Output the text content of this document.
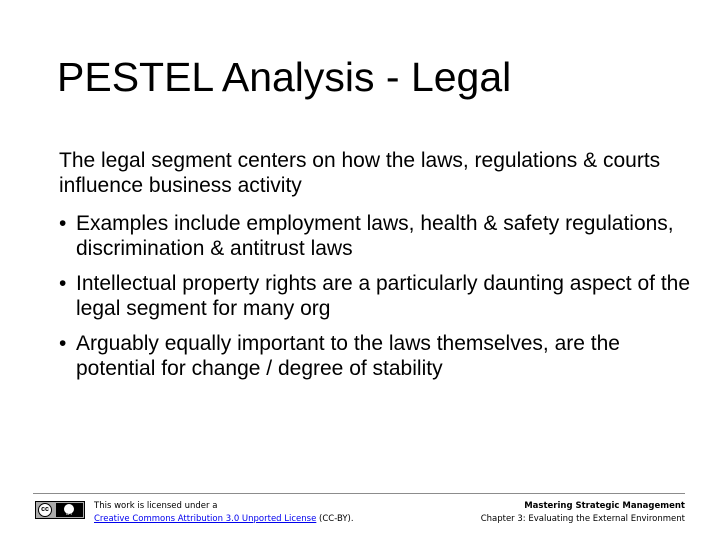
PESTEL Analysis - Legal
The legal segment centers on how the laws, regulations & courts influence business activity
• Examples include employment laws, health & safety regulations, discrimination & antitrust laws
• Intellectual property rights are a particularly daunting aspect of the legal segment for many org
• Arguably equally important to the laws themselves, are the potential for change / degree of stability
cc
BY
This work is licensed under a
Creative Commons Attribution 3.0 Unported License (CC-BY).
Mastering Strategic Management
Chapter 3: Evaluating the External Environment
